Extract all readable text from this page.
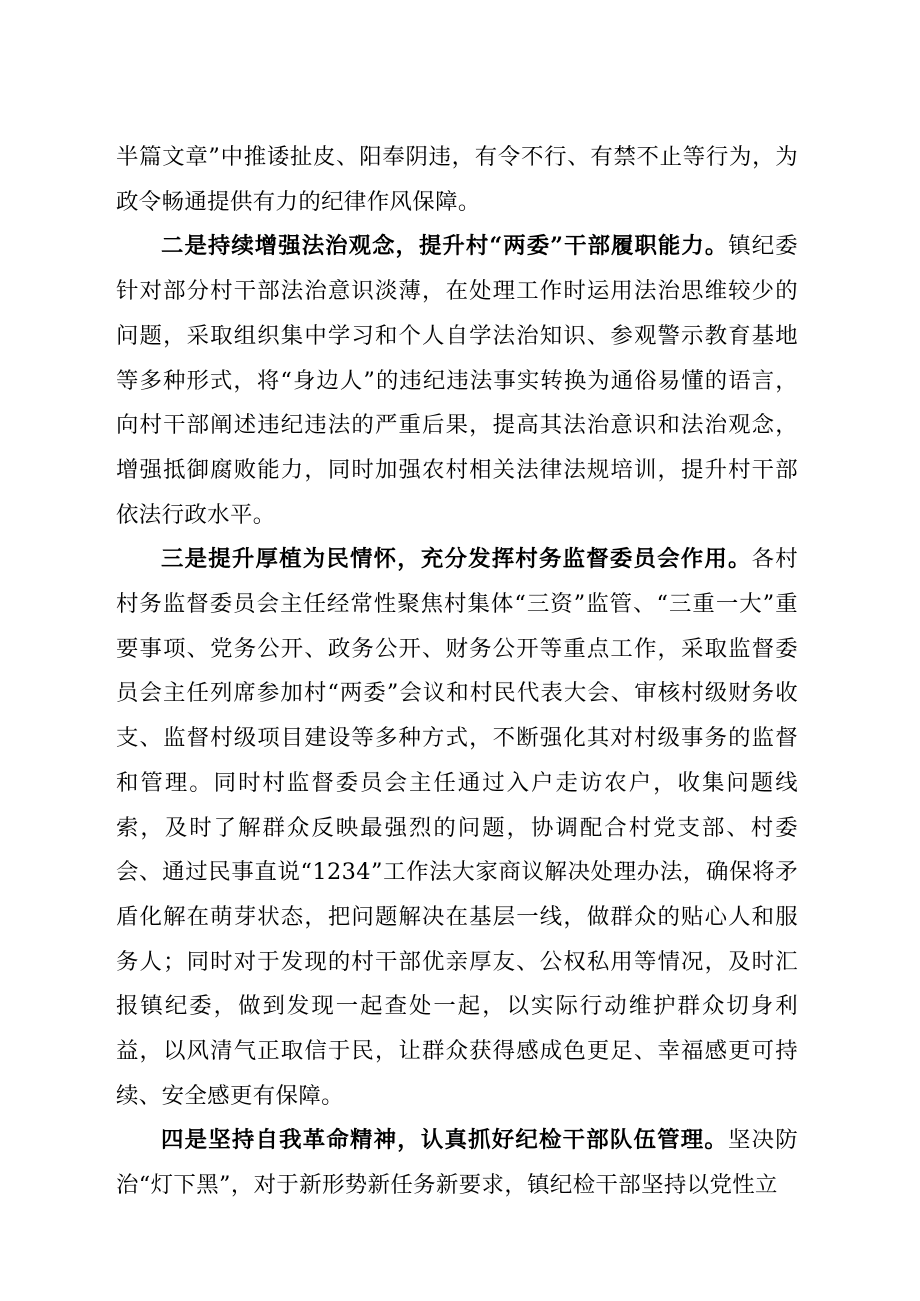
半篇文章”中推诿扯皮、阳奉阴违，有令不行、有禁不止等行为，为政令畅通提供有力的纪律作风保障。

二是持续增强法治观念，提升村“两委”干部履职能力。镇纪委针对部分村干部法治意识淡薄，在处理工作时运用法治思维较少的问题，采取组织集中学习和个人自学法治知识、参观警示教育基地等多种形式，将“身边人”的违纪违法事实转换为通俗易懂的语言，向村干部阐述违纪违法的严重后果，提高其法治意识和法治观念，增强抵御腐败能力，同时加强农村相关法律法规培训，提升村干部依法行政水平。

三是提升厚植为民情怀，充分发挥村务监督委员会作用。各村村务监督委员会主任经常性聚焦村集体“三资”监管、“三重一大”重要事项、党务公开、政务公开、财务公开等重点工作，采取监督委员会主任列席参加村“两委”会议和村民代表大会、审核村级财务收支、监督村级项目建设等多种方式，不断强化其对村级事务的监督和管理。同时村监督委员会主任通过入户走访农户，收集问题线索，及时了解群众反映最强烈的问题，协调配合村党支部、村委会、通过民事直说“1234”工作法大家商议解决处理办法，确保将矛盾化解在萌芽状态，把问题解决在基层一线，做群众的贴心人和服务人；同时对于发现的村干部优亲厚友、公权私用等情况，及时汇报镇纪委，做到发现一起查处一起，以实际行动维护群众切身利益，以风清气正取信于民，让群众获得感成色更足、幸福感更可持续、安全感更有保障。

四是坚持自我革命精神，认真抓好纪检干部队伍管理。坚决防治“灯下黑”，对于新形势新任务新要求，镇纪检干部坚持以党性立
